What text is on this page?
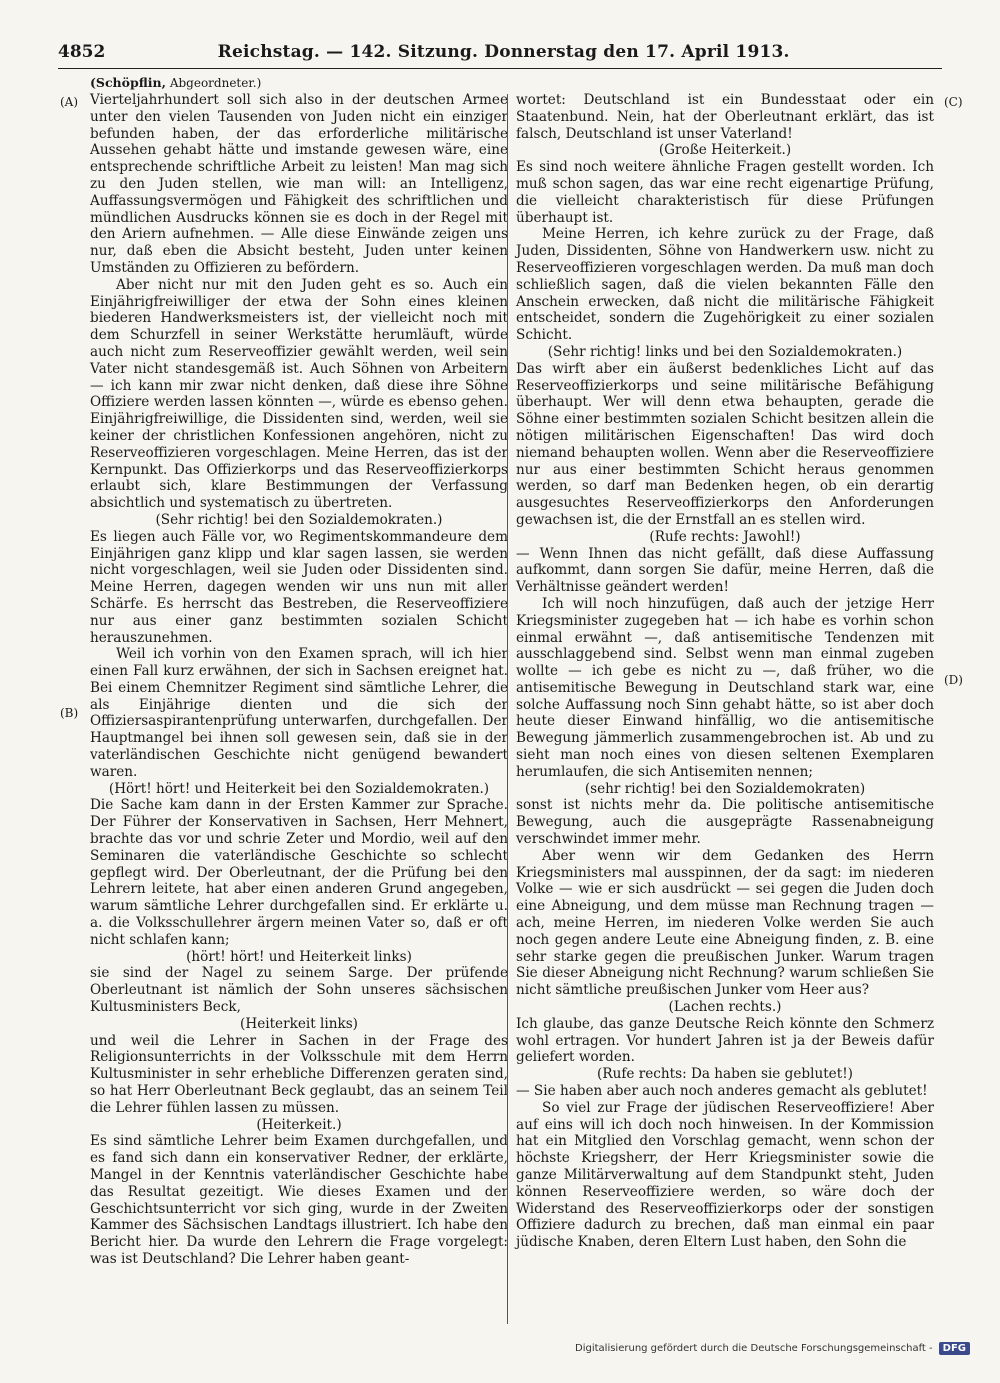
4852	Reichstag. — 142. Sitzung. Donnerstag den 17. April 1913.
(Schöpflin, Abgeordneter.)
(A)
(B)
(C)
(D)

Vierteljahrhundert soll sich also in der deutschen Armee unter den vielen Tausenden von Juden nicht ein einziger befunden haben, der das erforderliche militärische Aussehen gehabt hätte und imstande gewesen wäre, eine entsprechende schriftliche Arbeit zu leisten! Man mag sich zu den Juden stellen, wie man will: an Intelligenz, Auffassungsvermögen und Fähigkeit des schriftlichen und mündlichen Ausdrucks können sie es doch in der Regel mit den Ariern aufnehmen. — Alle diese Einwände zeigen uns nur, daß eben die Absicht besteht, Juden unter keinen Umständen zu Offizieren zu befördern.

Aber nicht nur mit den Juden geht es so. Auch ein Einjährigfreiwilliger der etwa der Sohn eines kleinen biederen Handwerksmeisters ist, der vielleicht noch mit dem Schurzfell in seiner Werkstätte herumläuft, würde auch nicht zum Reserveoffizier gewählt werden, weil sein Vater nicht standesgemäß ist. Auch Söhnen von Arbeitern — ich kann mir zwar nicht denken, daß diese ihre Söhne Offiziere werden lassen könnten —, würde es ebenso gehen. Einjährigfreiwillige, die Dissidenten sind, werden, weil sie keiner der christlichen Konfessionen angehören, nicht zu Reserveoffizieren vorgeschlagen. Meine Herren, das ist der Kernpunkt. Das Offizierkorps und das Reserveoffizierkorps erlaubt sich, klare Bestimmungen der Verfassung absichtlich und systematisch zu übertreten.

(Sehr richtig! bei den Sozialdemokraten.)

Es liegen auch Fälle vor, wo Regimentskommandeure dem Einjährigen ganz klipp und klar sagen lassen, sie werden nicht vorgeschlagen, weil sie Juden oder Dissidenten sind. Meine Herren, dagegen wenden wir uns nun mit aller Schärfe. Es herrscht das Bestreben, die Reserveoffiziere nur aus einer ganz bestimmten sozialen Schicht herauszunehmen.

Weil ich vorhin von den Examen sprach, will ich hier einen Fall kurz erwähnen, der sich in Sachsen ereignet hat. Bei einem Chemnitzer Regiment sind sämtliche Lehrer, die als Einjährige dienten und die sich der Offiziersaspirantenprüfung unterwarfen, durchgefallen. Der Hauptmangel bei ihnen soll gewesen sein, daß sie in der vaterländischen Geschichte nicht genügend bewandert waren.

(Hört! hört! und Heiterkeit bei den Sozialdemokraten.)

Die Sache kam dann in der Ersten Kammer zur Sprache. Der Führer der Konservativen in Sachsen, Herr Mehnert, brachte das vor und schrie Zeter und Mordio, weil auf den Seminaren die vaterländische Geschichte so schlecht gepflegt wird. Der Oberleutnant, der die Prüfung bei den Lehrern leitete, hat aber einen anderen Grund angegeben, warum sämtliche Lehrer durchgefallen sind. Er erklärte u. a. die Volksschullehrer ärgern meinen Vater so, daß er oft nicht schlafen kann;

(hört! hört! und Heiterkeit links)

sie sind der Nagel zu seinem Sarge. Der prüfende Oberleutnant ist nämlich der Sohn unseres sächsischen Kultusministers Beck,

(Heiterkeit links)

und weil die Lehrer in Sachen in der Frage des Religionsunterrichts in der Volksschule mit dem Herrn Kultusminister in sehr erhebliche Differenzen geraten sind, so hat Herr Oberleutnant Beck geglaubt, das an seinem Teil die Lehrer fühlen lassen zu müssen.

(Heiterkeit.)

Es sind sämtliche Lehrer beim Examen durchgefallen, und es fand sich dann ein konservativer Redner, der erklärte, Mangel in der Kenntnis vaterländischer Geschichte habe das Resultat gezeitigt. Wie dieses Examen und der Geschichtsunterricht vor sich ging, wurde in der Zweiten Kammer des Sächsischen Landtags illustriert. Ich habe den Bericht hier. Da wurde den Lehrern die Frage vorgelegt: was ist Deutschland? Die Lehrer haben geant-

wortet: Deutschland ist ein Bundesstaat oder ein Staatenbund. Nein, hat der Oberleutnant erklärt, das ist falsch, Deutschland ist unser Vaterland!

(Große Heiterkeit.)

Es sind noch weitere ähnliche Fragen gestellt worden. Ich muß schon sagen, das war eine recht eigenartige Prüfung, die vielleicht charakteristisch für diese Prüfungen überhaupt ist.

Meine Herren, ich kehre zurück zu der Frage, daß Juden, Dissidenten, Söhne von Handwerkern usw. nicht zu Reserveoffizieren vorgeschlagen werden. Da muß man doch schließlich sagen, daß die vielen bekannten Fälle den Anschein erwecken, daß nicht die militärische Fähigkeit entscheidet, sondern die Zugehörigkeit zu einer sozialen Schicht.

(Sehr richtig! links und bei den Sozialdemokraten.)

Das wirft aber ein äußerst bedenkliches Licht auf das Reserveoffizierkorps und seine militärische Befähigung überhaupt. Wer will denn etwa behaupten, gerade die Söhne einer bestimmten sozialen Schicht besitzen allein die nötigen militärischen Eigenschaften! Das wird doch niemand behaupten wollen. Wenn aber die Reserveoffiziere nur aus einer bestimmten Schicht heraus genommen werden, so darf man Bedenken hegen, ob ein derartig ausgesuchtes Reserveoffizierkorps den Anforderungen gewachsen ist, die der Ernstfall an es stellen wird.

(Rufe rechts: Jawohl!)

— Wenn Ihnen das nicht gefällt, daß diese Auffassung aufkommt, dann sorgen Sie dafür, meine Herren, daß die Verhältnisse geändert werden!

Ich will noch hinzufügen, daß auch der jetzige Herr Kriegsminister zugegeben hat — ich habe es vorhin schon einmal erwähnt —, daß antisemitische Tendenzen mit ausschlaggebend sind. Selbst wenn man einmal zugeben wollte — ich gebe es nicht zu —, daß früher, wo die antisemitische Bewegung in Deutschland stark war, eine solche Auffassung noch Sinn gehabt hätte, so ist aber doch heute dieser Einwand hinfällig, wo die antisemitische Bewegung jämmerlich zusammengebrochen ist. Ab und zu sieht man noch eines von diesen seltenen Exemplaren herumlaufen, die sich Antisemiten nennen;

(sehr richtig! bei den Sozialdemokraten)

sonst ist nichts mehr da. Die politische antisemitische Bewegung, auch die ausgeprägte Rassenabneigung verschwindet immer mehr.

Aber wenn wir dem Gedanken des Herrn Kriegsministers mal ausspinnen, der da sagt: im niederen Volke — wie er sich ausdrückt — sei gegen die Juden doch eine Abneigung, und dem müsse man Rechnung tragen — ach, meine Herren, im niederen Volke werden Sie auch noch gegen andere Leute eine Abneigung finden, z. B. eine sehr starke gegen die preußischen Junker. Warum tragen Sie dieser Abneigung nicht Rechnung? warum schließen Sie nicht sämtliche preußischen Junker vom Heer aus?

(Lachen rechts.)

Ich glaube, das ganze Deutsche Reich könnte den Schmerz wohl ertragen. Vor hundert Jahren ist ja der Beweis dafür geliefert worden.

(Rufe rechts: Da haben sie geblutet!)

— Sie haben aber auch noch anderes gemacht als geblutet!

So viel zur Frage der jüdischen Reserveoffiziere! Aber auf eins will ich doch noch hinweisen. In der Kommission hat ein Mitglied den Vorschlag gemacht, wenn schon der höchste Kriegsherr, der Herr Kriegsminister sowie die ganze Militärverwaltung auf dem Standpunkt steht, Juden können Reserveoffiziere werden, so wäre doch der Widerstand des Reserveoffizierkorps oder der sonstigen Offiziere dadurch zu brechen, daß man einmal ein paar jüdische Knaben, deren Eltern Lust haben, den Sohn die

Digitalisierung gefördert durch die Deutsche Forschungsgemeinschaft -	DFG
